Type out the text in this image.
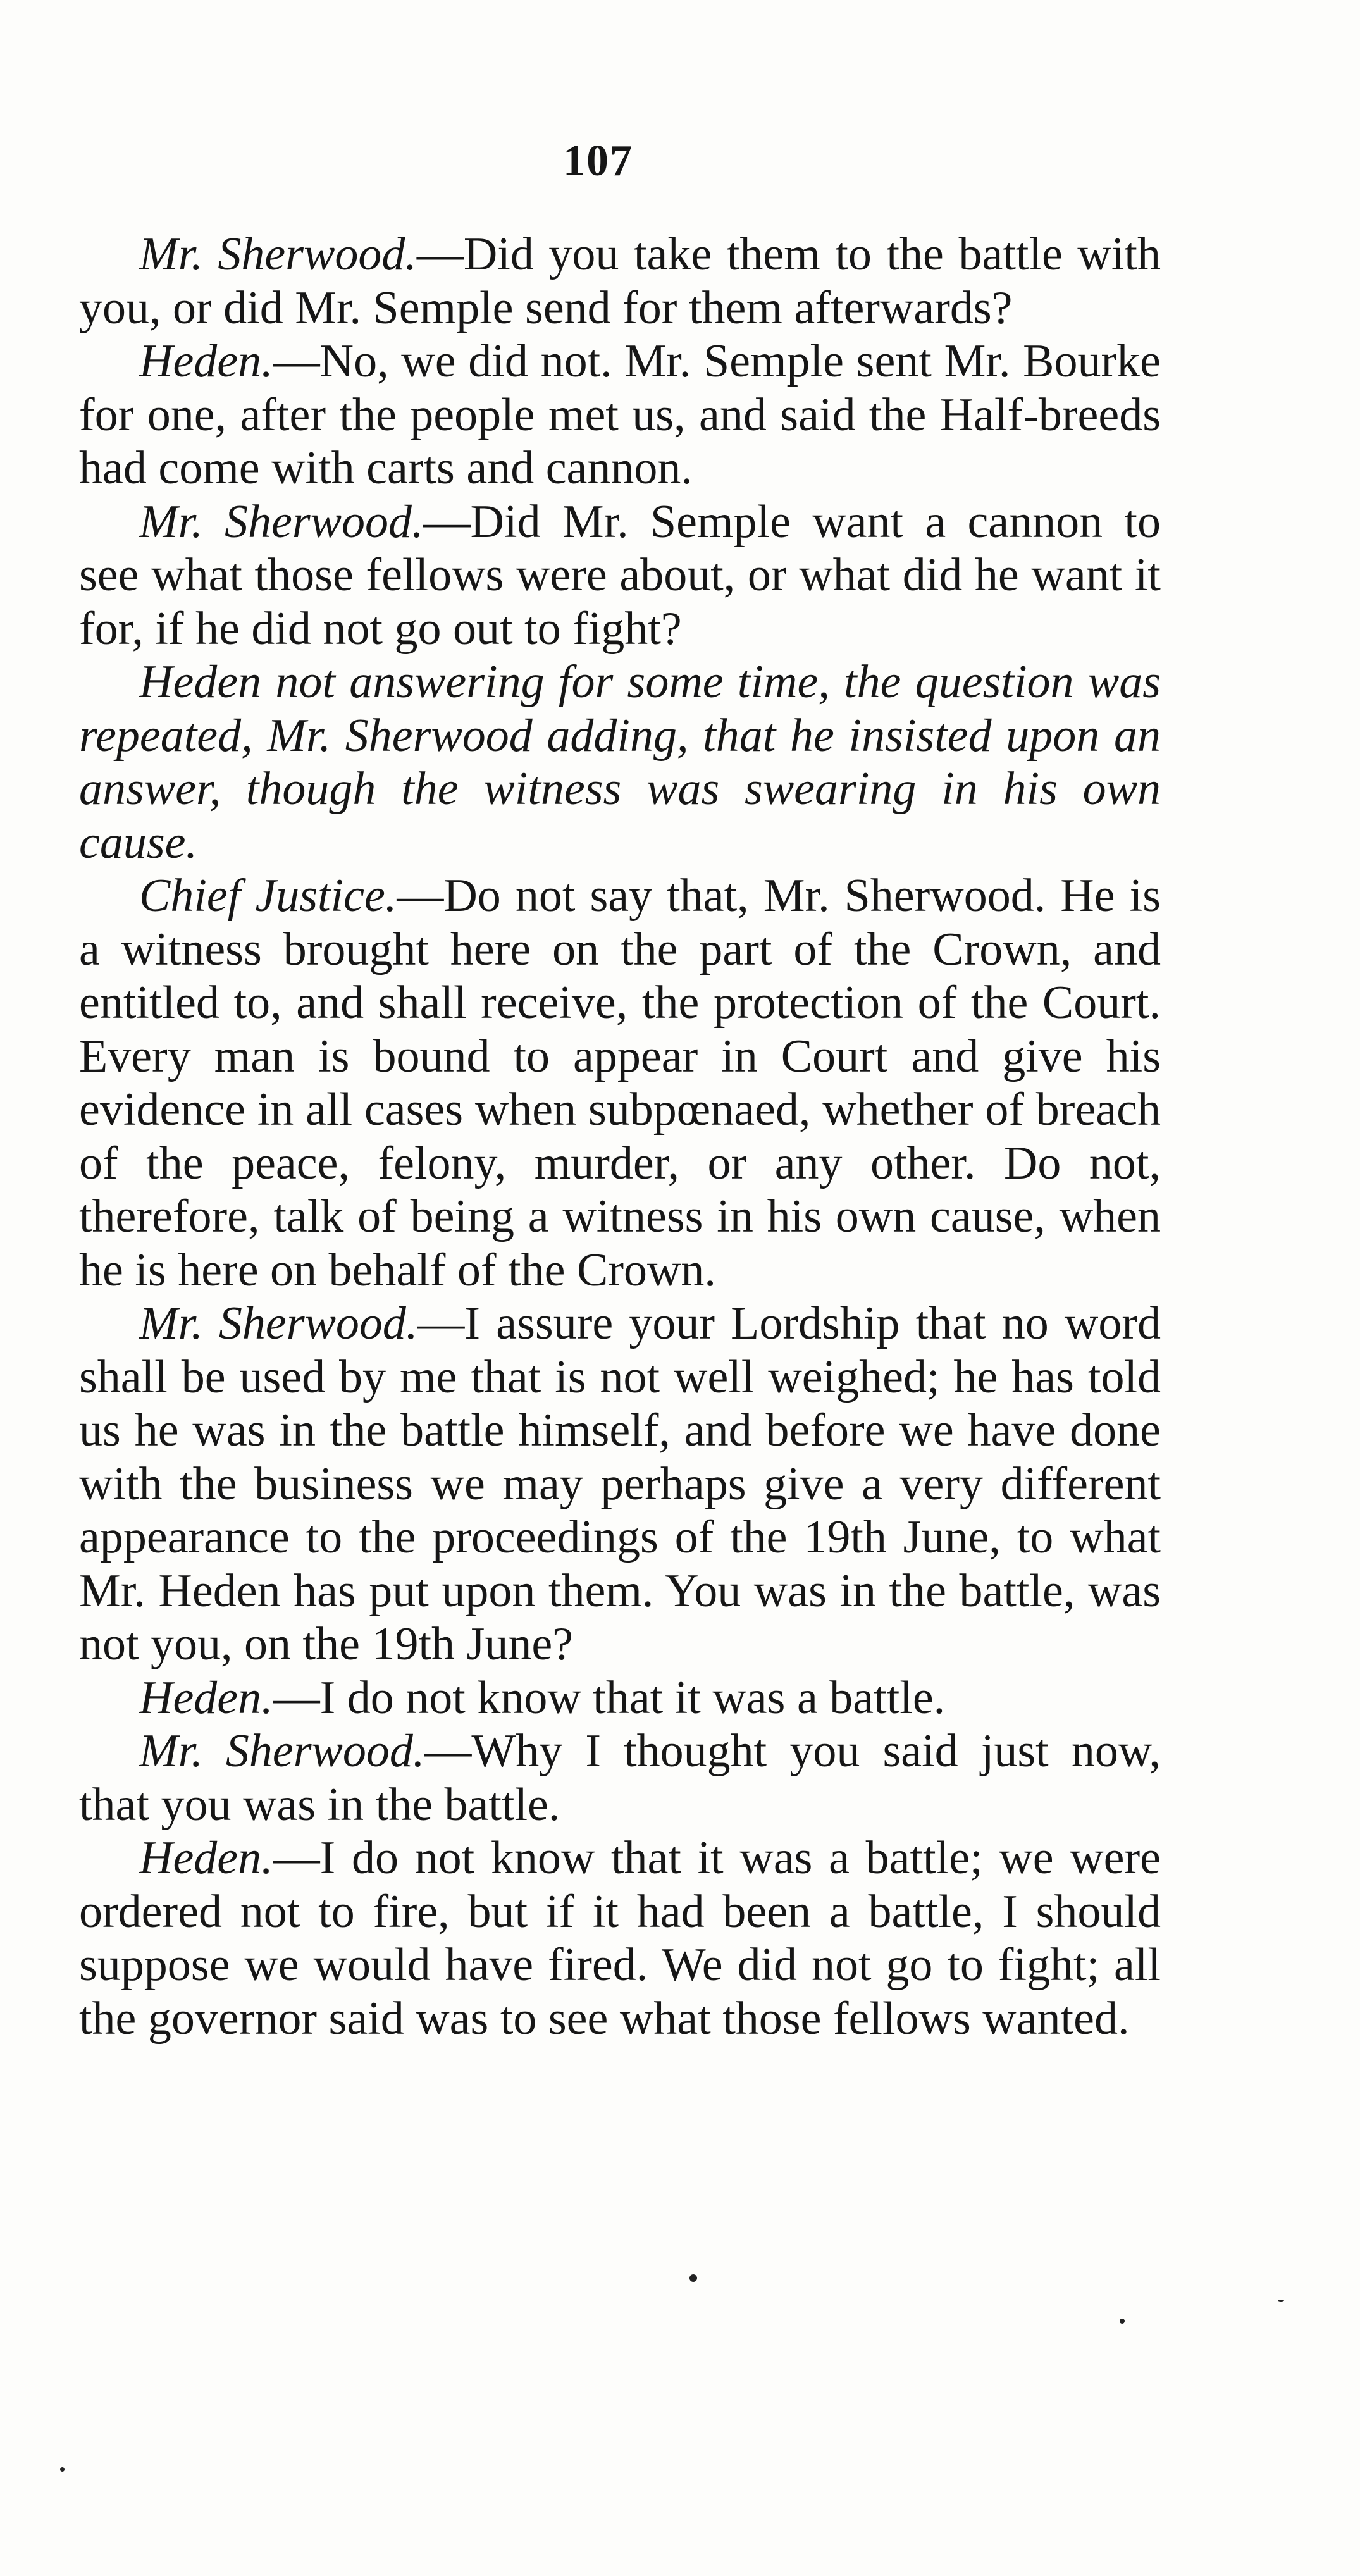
107

Mr. Sherwood.—Did you take them to the battle with you, or did Mr. Semple send for them afterwards?

Heden.—No, we did not. Mr. Semple sent Mr. Bourke for one, after the people met us, and said the Half-breeds had come with carts and cannon.

Mr. Sherwood.—Did Mr. Semple want a cannon to see what those fellows were about, or what did he want it for, if he did not go out to fight?

Heden not answering for some time, the question was repeated, Mr. Sherwood adding, that he insisted upon an answer, though the witness was swearing in his own cause.

Chief Justice.—Do not say that, Mr. Sherwood. He is a witness brought here on the part of the Crown, and entitled to, and shall receive, the protection of the Court. Every man is bound to appear in Court and give his evidence in all cases when subpœnaed, whether of breach of the peace, felony, murder, or any other. Do not, therefore, talk of being a witness in his own cause, when he is here on behalf of the Crown.

Mr. Sherwood.—I assure your Lordship that no word shall be used by me that is not well weighed; he has told us he was in the battle himself, and before we have done with the business we may perhaps give a very different appearance to the proceedings of the 19th June, to what Mr. Heden has put upon them. You was in the battle, was not you, on the 19th June?

Heden.—I do not know that it was a battle.

Mr. Sherwood.—Why I thought you said just now, that you was in the battle.

Heden.—I do not know that it was a battle; we were ordered not to fire, but if it had been a battle, I should suppose we would have fired. We did not go to fight; all the governor said was to see what those fellows wanted.
